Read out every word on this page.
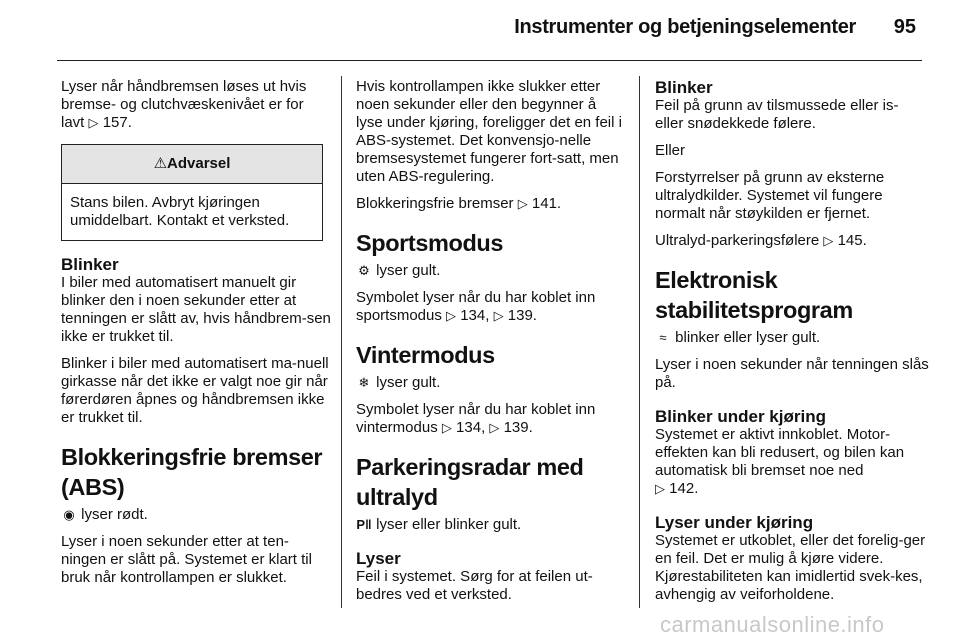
Instrumenter og betjeningselementer 95

Lyser når håndbremsen løses ut hvis bremse- og clutchvæskenivået er for lavt ▷ 157.

⚠Advarsel

Stans bilen. Avbryt kjøringen umiddelbart. Kontakt et verksted.

Blinker

I biler med automatisert manuelt gir blinker den i noen sekunder etter at tenningen er slått av, hvis håndbrem-sen ikke er trukket til.

Blinker i biler med automatisert ma-nuell girkasse når det ikke er valgt noe gir når førerdøren åpnes og håndbremsen ikke er trukket til.

Blokkeringsfrie bremser (ABS)

◉ lyser rødt.

Lyser i noen sekunder etter at ten-ningen er slått på. Systemet er klart til bruk når kontrollampen er slukket.

Hvis kontrollampen ikke slukker etter noen sekunder eller den begynner å lyse under kjøring, foreligger det en feil i ABS-systemet. Det konvensjo-nelle bremsesystemet fungerer fort-satt, men uten ABS-regulering.

Blokkeringsfrie bremser ▷ 141.

Sportsmodus

⚙ lyser gult.

Symbolet lyser når du har koblet inn sportsmodus ▷ 134, ▷ 139.

Vintermodus

❄ lyser gult.

Symbolet lyser når du har koblet inn vintermodus ▷ 134, ▷ 139.

Parkeringsradar med ultralyd

P‖ lyser eller blinker gult.

Lyser

Feil i systemet. Sørg for at feilen ut-bedres ved et verksted.

Blinker

Feil på grunn av tilsmussede eller is- eller snødekkede følere.

Eller

Forstyrrelser på grunn av eksterne ultralydkilder. Systemet vil fungere normalt når støykilden er fjernet.

Ultralyd-parkeringsfølere ▷ 145.

Elektronisk stabilitetsprogram

≈ blinker eller lyser gult.

Lyser i noen sekunder når tenningen slås på.

Blinker under kjøring

Systemet er aktivt innkoblet. Motor-effekten kan bli redusert, og bilen kan automatisk bli bremset noe ned
▷ 142.

Lyser under kjøring

Systemet er utkoblet, eller det forelig-ger en feil. Det er mulig å kjøre videre. Kjørestabiliteten kan imidlertid svek-kes, avhengig av veiforholdene.

carmanualsonline.info
